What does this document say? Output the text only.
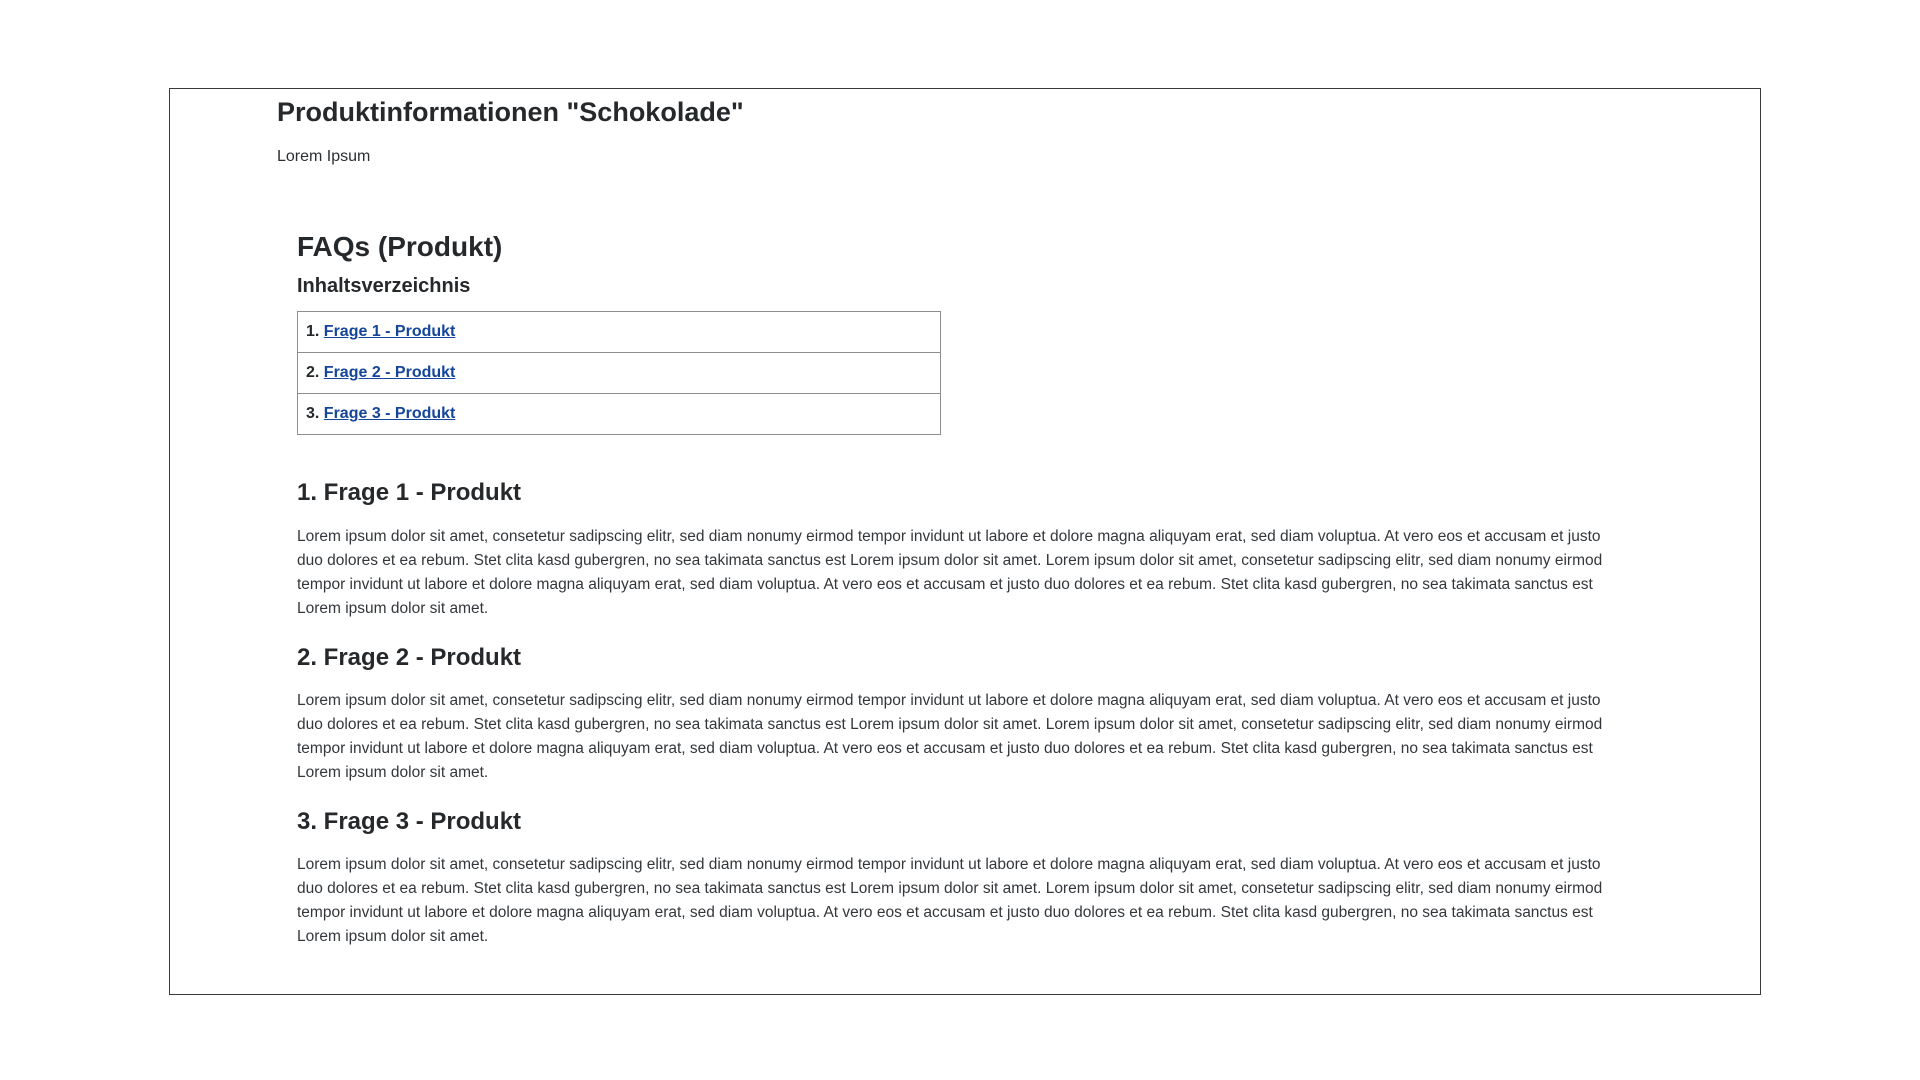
Produktinformationen "Schokolade"

Lorem Ipsum

FAQs (Produkt)
Inhaltsverzeichnis
1. Frage 1 - Produkt
2. Frage 2 - Produkt
3. Frage 3 - Produkt
1. Frage 1 - Produkt

Lorem ipsum dolor sit amet, consetetur sadipscing elitr, sed diam nonumy eirmod tempor invidunt ut labore et dolore magna aliquyam erat, sed diam voluptua. At vero eos et accusam et justo duo dolores et ea rebum. Stet clita kasd gubergren, no sea takimata sanctus est Lorem ipsum dolor sit amet. Lorem ipsum dolor sit amet, consetetur sadipscing elitr, sed diam nonumy eirmod tempor invidunt ut labore et dolore magna aliquyam erat, sed diam voluptua. At vero eos et accusam et justo duo dolores et ea rebum. Stet clita kasd gubergren, no sea takimata sanctus est Lorem ipsum dolor sit amet.

2. Frage 2 - Produkt

Lorem ipsum dolor sit amet, consetetur sadipscing elitr, sed diam nonumy eirmod tempor invidunt ut labore et dolore magna aliquyam erat, sed diam voluptua. At vero eos et accusam et justo duo dolores et ea rebum. Stet clita kasd gubergren, no sea takimata sanctus est Lorem ipsum dolor sit amet. Lorem ipsum dolor sit amet, consetetur sadipscing elitr, sed diam nonumy eirmod tempor invidunt ut labore et dolore magna aliquyam erat, sed diam voluptua. At vero eos et accusam et justo duo dolores et ea rebum. Stet clita kasd gubergren, no sea takimata sanctus est Lorem ipsum dolor sit amet.

3. Frage 3 - Produkt

Lorem ipsum dolor sit amet, consetetur sadipscing elitr, sed diam nonumy eirmod tempor invidunt ut labore et dolore magna aliquyam erat, sed diam voluptua. At vero eos et accusam et justo duo dolores et ea rebum. Stet clita kasd gubergren, no sea takimata sanctus est Lorem ipsum dolor sit amet. Lorem ipsum dolor sit amet, consetetur sadipscing elitr, sed diam nonumy eirmod tempor invidunt ut labore et dolore magna aliquyam erat, sed diam voluptua. At vero eos et accusam et justo duo dolores et ea rebum. Stet clita kasd gubergren, no sea takimata sanctus est Lorem ipsum dolor sit amet.
